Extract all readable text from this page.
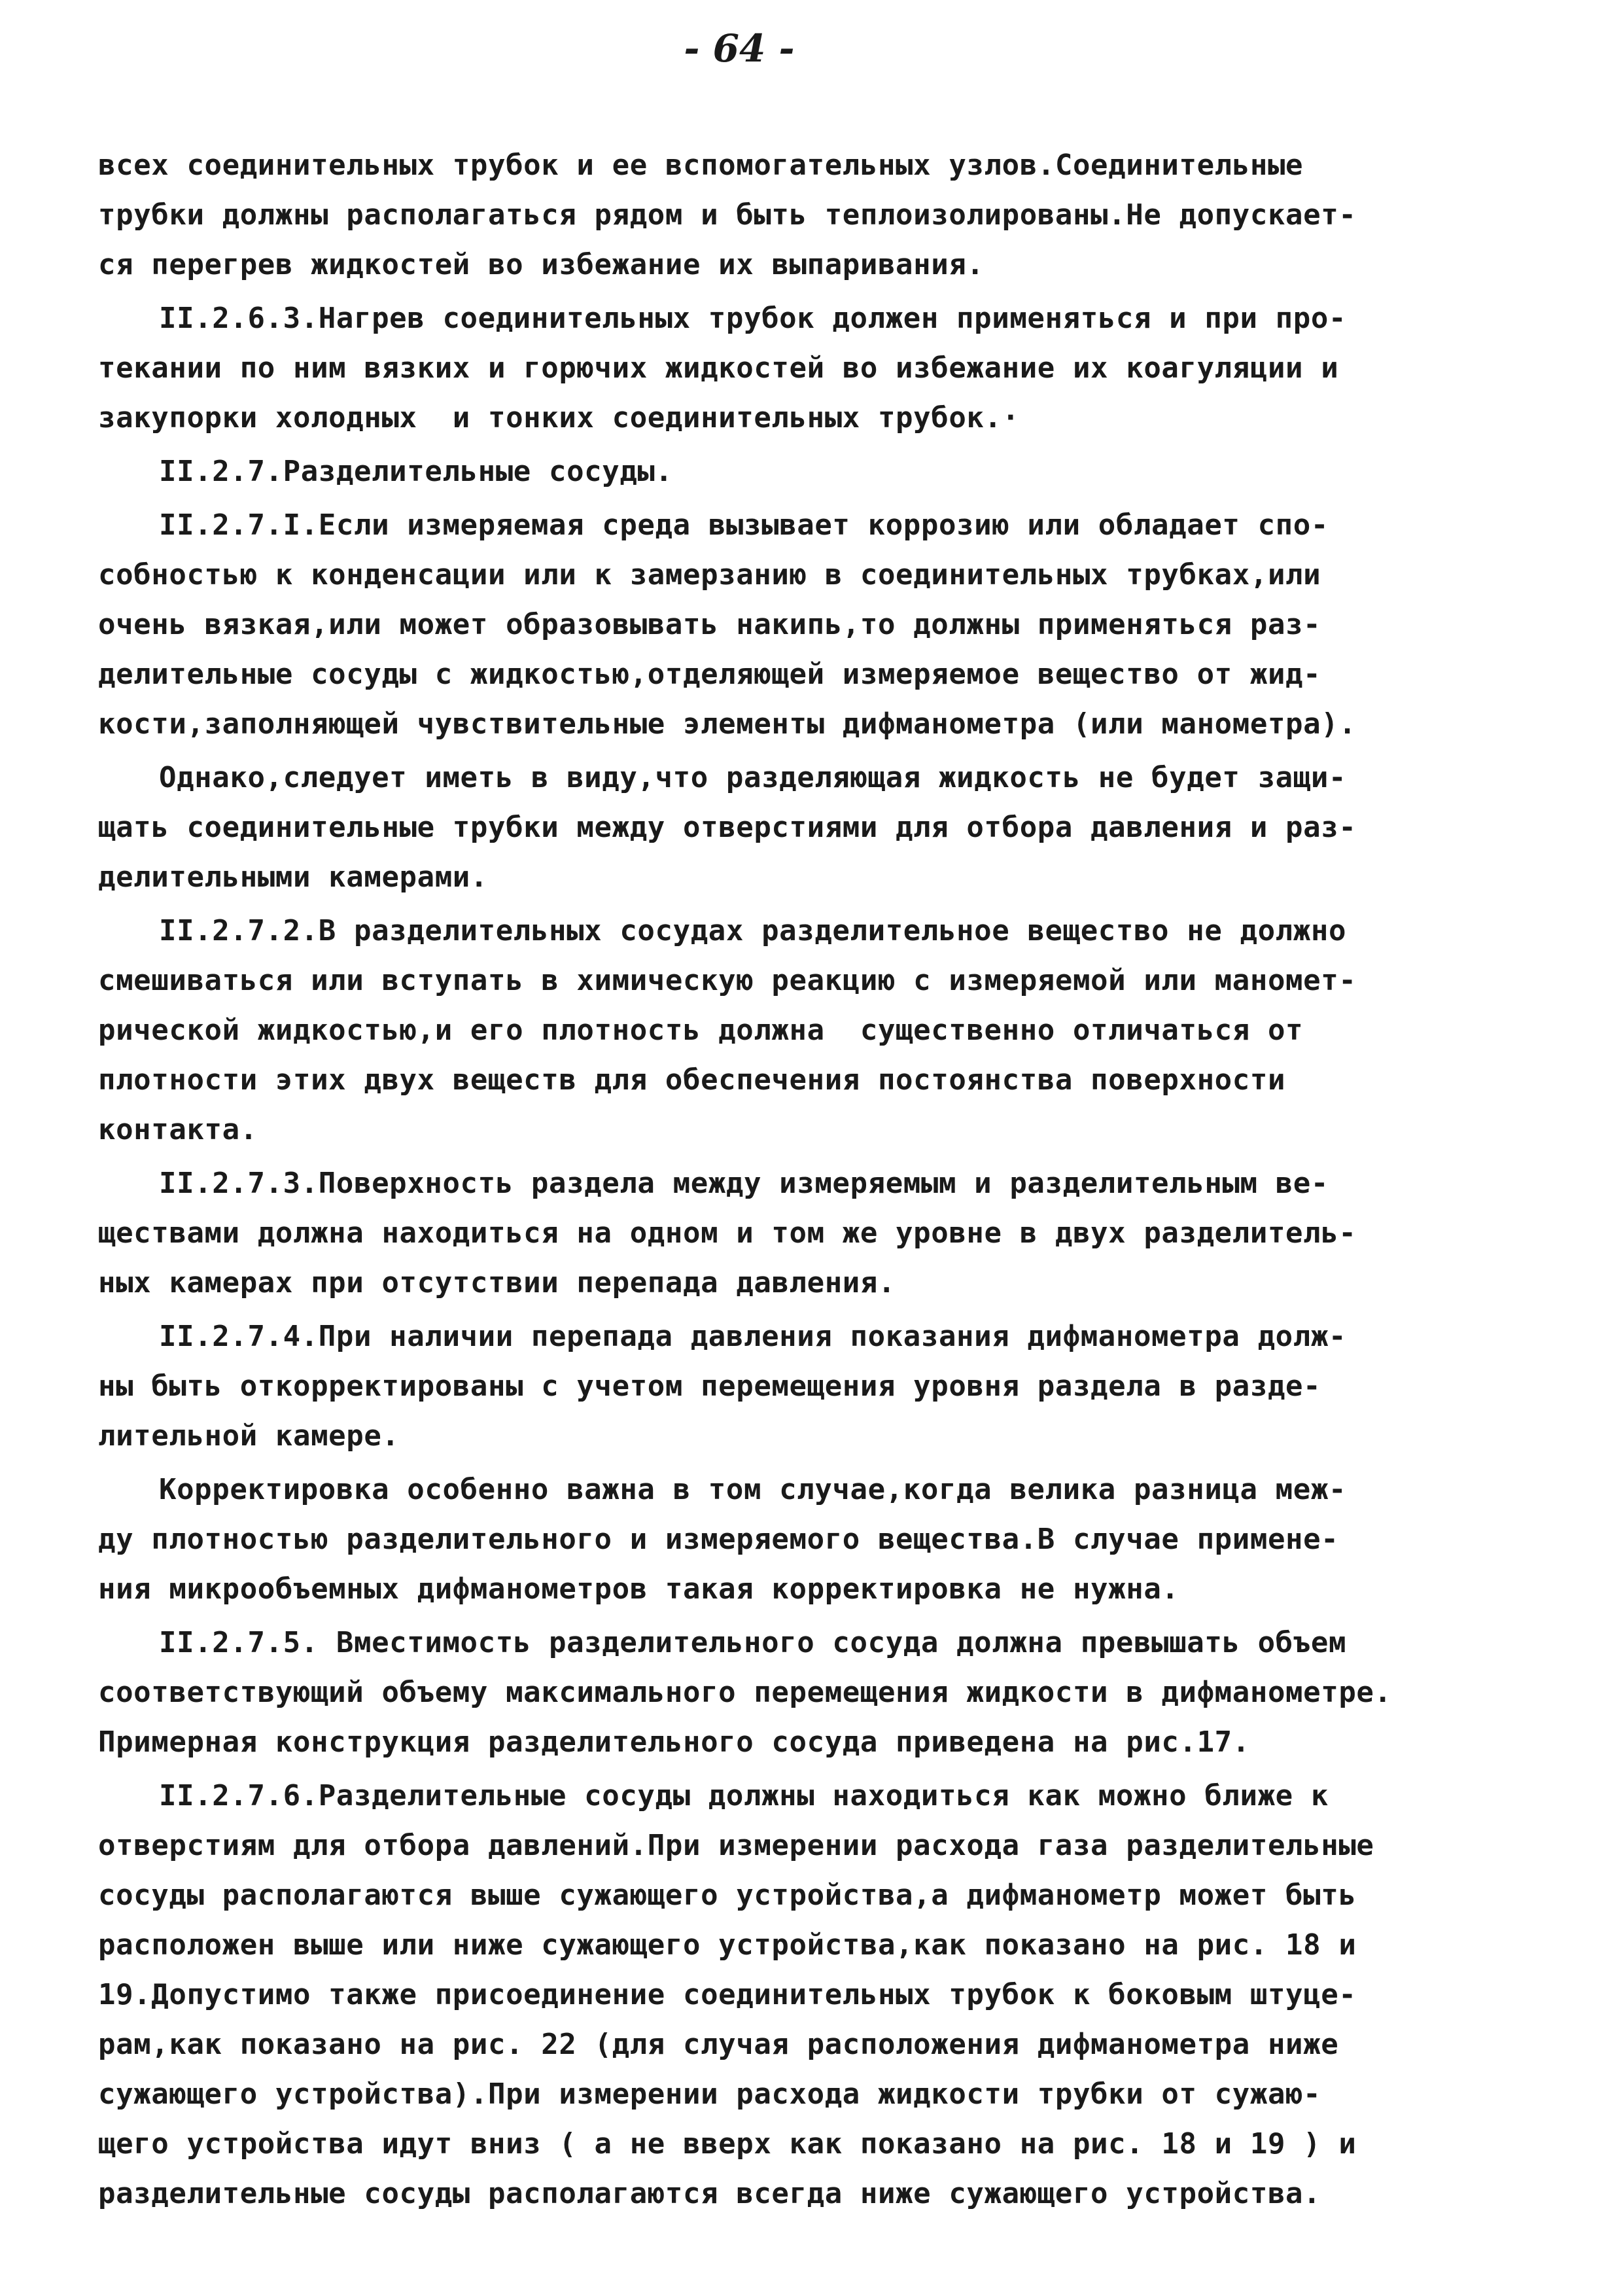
- 64 -
всех соединительных трубок и ее вспомогательных узлов.Соединительные
трубки должны располагаться рядом и быть теплоизолированы.Не допускает-
ся перегрев жидкостей во избежание их выпаривания.
II.2.6.3.Нагрев соединительных трубок должен применяться и при про-
текании по ним вязких и горючих жидкостей во избежание их коагуляции и
закупорки холодных  и тонких соединительных трубок.·
II.2.7.Разделительные сосуды.
II.2.7.I.Если измеряемая среда вызывает коррозию или обладает спо-
собностью к конденсации или к замерзанию в соединительных трубках,или
очень вязкая,или может образовывать накипь,то должны применяться раз-
делительные сосуды с жидкостью,отделяющей измеряемое вещество от жид-
кости,заполняющей чувствительные элементы дифманометра (или манометра).
Однако,следует иметь в виду,что разделяющая жидкость не будет защи-
щать соединительные трубки между отверстиями для отбора давления и раз-
делительными камерами.
II.2.7.2.В разделительных сосудах разделительное вещество не должно
смешиваться или вступать в химическую реакцию с измеряемой или маномет-
рической жидкостью,и его плотность должна  существенно отличаться от
плотности этих двух веществ для обеспечения постоянства поверхности
контакта.
II.2.7.3.Поверхность раздела между измеряемым и разделительным ве-
ществами должна находиться на одном и том же уровне в двух разделитель-
ных камерах при отсутствии перепада давления.
II.2.7.4.При наличии перепада давления показания дифманометра долж-
ны быть откорректированы с учетом перемещения уровня раздела в разде-
лительной камере.
Корректировка особенно важна в том случае,когда велика разница меж-
ду плотностью разделительного и измеряемого вещества.В случае примене-
ния микрообъемных дифманометров такая корректировка не нужна.
II.2.7.5. Вместимость разделительного сосуда должна превышать объем
соответствующий объему максимального перемещения жидкости в дифманометре.
Примерная конструкция разделительного сосуда приведена на рис.17.
II.2.7.6.Разделительные сосуды должны находиться как можно ближе к
отверстиям для отбора давлений.При измерении расхода газа разделительные
сосуды располагаются выше сужающего устройства,а дифманометр может быть
расположен выше или ниже сужающего устройства,как показано на рис. 18 и
19.Допустимо также присоединение соединительных трубок к боковым штуце-
рам,как показано на рис. 22 (для случая расположения дифманометра ниже
сужающего устройства).При измерении расхода жидкости трубки от сужаю-
щего устройства идут вниз ( а не вверх как показано на рис. 18 и 19 ) и
разделительные сосуды располагаются всегда ниже сужающего устройства.
